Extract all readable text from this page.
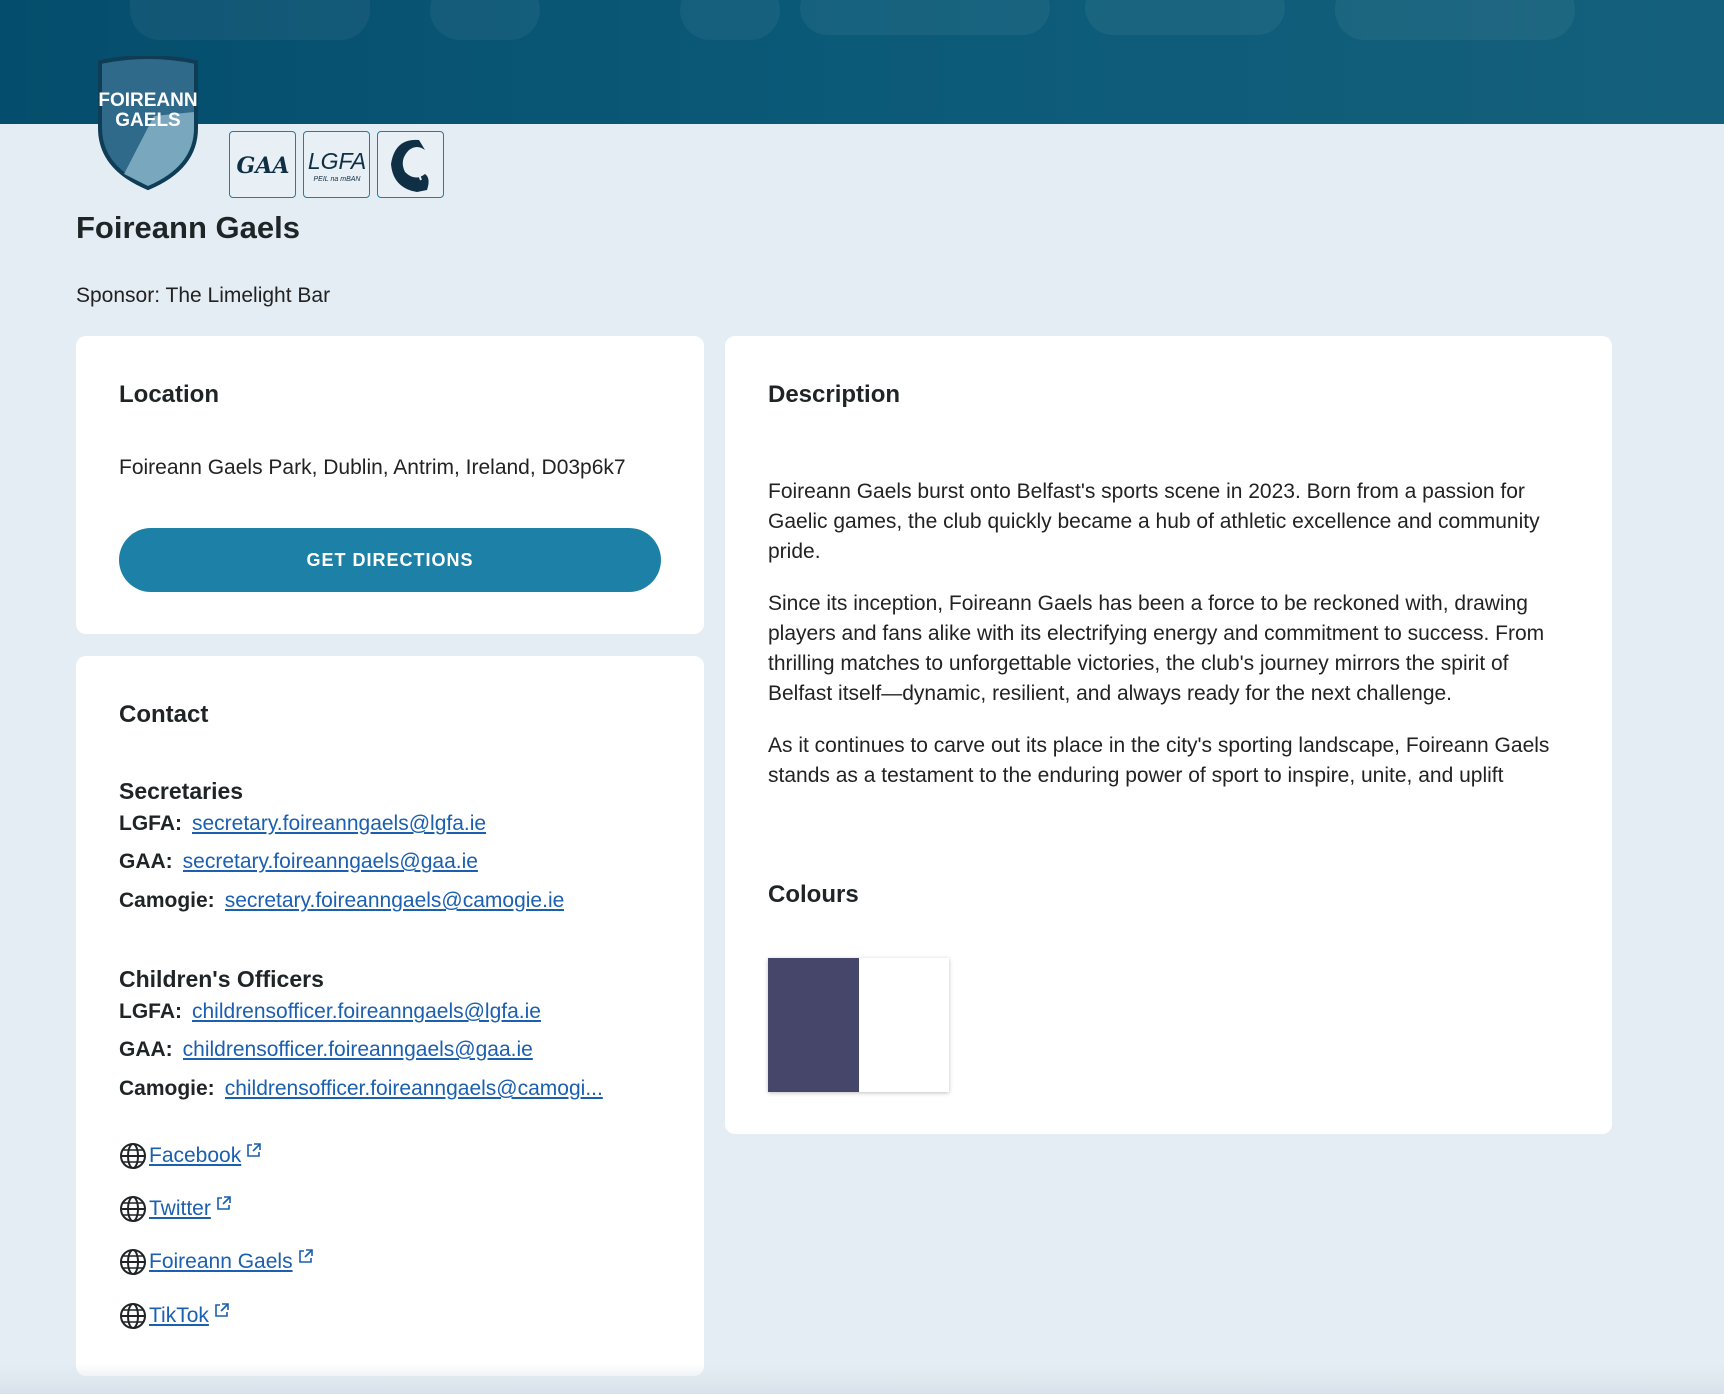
FOIREANN
GAELS
GAA LGFA
PEIL na mBAN
Foireann Gaels
Sponsor: The Limelight Bar
Location
Foireann Gaels Park, Dublin, Antrim, Ireland, D03p6k7
GET DIRECTIONS
Contact
Secretaries
LGFA: secretary.foireanngaels@lgfa.ie
GAA: secretary.foireanngaels@gaa.ie
Camogie: secretary.foireanngaels@camogie.ie
Children's Officers
LGFA: childrensofficer.foireanngaels@lgfa.ie
GAA: childrensofficer.foireanngaels@gaa.ie
Camogie: childrensofficer.foireanngaels@camogi...
Facebook
Twitter
Foireann Gaels
TikTok
Description

Foireann Gaels burst onto Belfast's sports scene in 2023. Born from a passion for Gaelic games, the club quickly became a hub of athletic excellence and community pride.

Since its inception, Foireann Gaels has been a force to be reckoned with, drawing players and fans alike with its electrifying energy and commitment to success. From thrilling matches to unforgettable victories, the club's journey mirrors the spirit of Belfast itself—dynamic, resilient, and always ready for the next challenge.

As it continues to carve out its place in the city's sporting landscape, Foireann Gaels stands as a testament to the enduring power of sport to inspire, unite, and uplift

Colours
